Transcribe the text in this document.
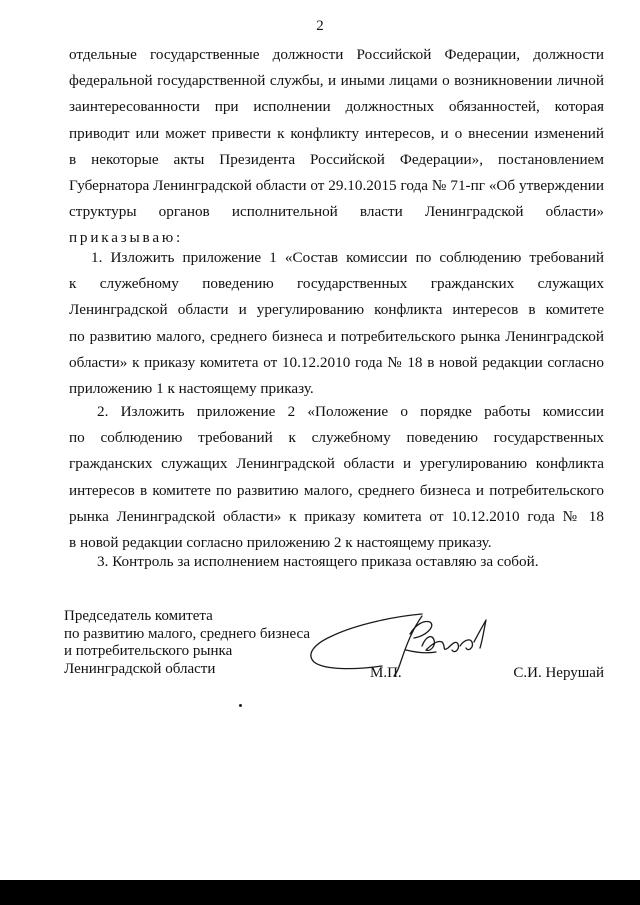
2
отдельные государственные должности Российской Федерации, должности
федеральной государственной службы, и иными лицами о возникновении личной
заинтересованности при исполнении должностных обязанностей, которая
приводит или может привести к конфликту интересов, и о внесении изменений
в некоторые акты Президента Российской Федерации», постановлением
Губернатора Ленинградской области от 29.10.2015 года № 71-пг «Об утверждении
структуры органов исполнительной власти Ленинградской области»
приказываю:
1. Изложить приложение 1 «Состав комиссии по соблюдению требований
к служебному поведению государственных гражданских служащих
Ленинградской области и урегулированию конфликта интересов в комитете
по развитию малого, среднего бизнеса и потребительского рынка Ленинградской
области» к приказу комитета от 10.12.2010 года № 18 в новой редакции согласно
приложению 1 к настоящему приказу.
2. Изложить приложение 2 «Положение о порядке работы комиссии
по соблюдению требований к служебному поведению государственных
гражданских служащих Ленинградской области и урегулированию конфликта
интересов в комитете по развитию малого, среднего бизнеса и потребительского
рынка Ленинградской области» к приказу комитета от 10.12.2010 года № 18
в новой редакции согласно приложению 2 к настоящему приказу.
3. Контроль за исполнением настоящего приказа оставляю за собой.
Председатель комитета
по развитию малого, среднего бизнеса
и потребительского рынка
Ленинградской области	М.П.	С.И. Нерушай
